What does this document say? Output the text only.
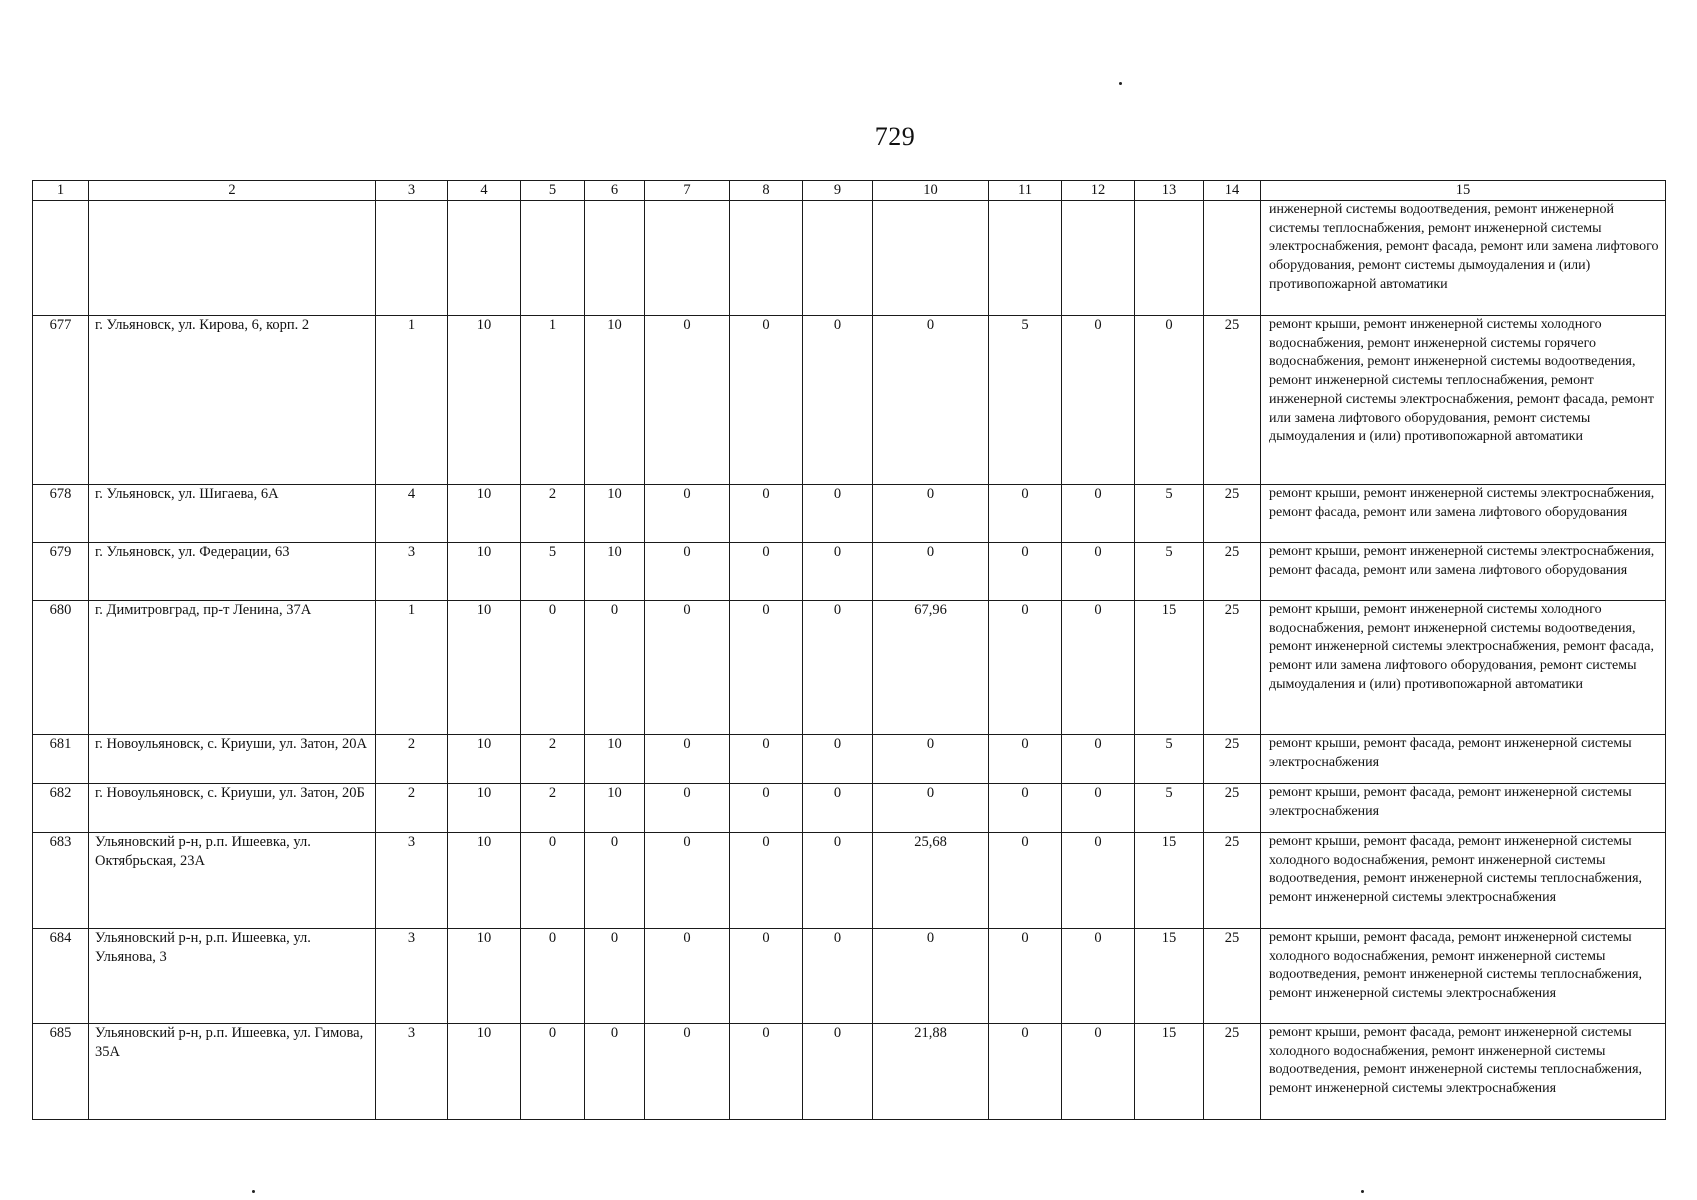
729
1	2	3	4	5	6	7	8	9	10	11	12	13	14	15
														инженерной системы водоотведения, ремонт инженерной системы теплоснабжения, ремонт инженерной системы электроснабжения, ремонт фасада, ремонт или замена лифтового оборудования, ремонт системы дымоудаления и (или) противопожарной автоматики
677	г. Ульяновск, ул. Кирова, 6, корп. 2	1	10	1	10	0	0	0	0	5	0	0	25	ремонт крыши, ремонт инженерной системы холодного водоснабжения, ремонт инженерной системы горячего водоснабжения, ремонт инженерной системы водоотведения, ремонт инженерной системы теплоснабжения, ремонт инженерной системы электроснабжения, ремонт фасада, ремонт или замена лифтового оборудования, ремонт системы дымоудаления и (или) противопожарной автоматики
678	г. Ульяновск, ул. Шигаева, 6А	4	10	2	10	0	0	0	0	0	0	5	25	ремонт крыши, ремонт инженерной системы электроснабжения, ремонт фасада, ремонт или замена лифтового оборудования
679	г. Ульяновск, ул. Федерации, 63	3	10	5	10	0	0	0	0	0	0	5	25	ремонт крыши, ремонт инженерной системы электроснабжения, ремонт фасада, ремонт или замена лифтового оборудования
680	г. Димитровград, пр-т Ленина, 37А	1	10	0	0	0	0	0	67,96	0	0	15	25	ремонт крыши, ремонт инженерной системы холодного водоснабжения, ремонт инженерной системы водоотведения, ремонт инженерной системы электроснабжения, ремонт фасада, ремонт или замена лифтового оборудования, ремонт системы дымоудаления и (или) противопожарной автоматики
681	г. Новоульяновск, с. Криуши, ул. Затон, 20А	2	10	2	10	0	0	0	0	0	0	5	25	ремонт крыши, ремонт фасада, ремонт инженерной системы электроснабжения
682	г. Новоульяновск, с. Криуши, ул. Затон, 20Б	2	10	2	10	0	0	0	0	0	0	5	25	ремонт крыши, ремонт фасада, ремонт инженерной системы электроснабжения
683	Ульяновский р-н, р.п. Ишеевка, ул. Октябрьская, 23А	3	10	0	0	0	0	0	25,68	0	0	15	25	ремонт крыши, ремонт фасада, ремонт инженерной системы холодного водоснабжения, ремонт инженерной системы водоотведения, ремонт инженерной системы теплоснабжения, ремонт инженерной системы электроснабжения
684	Ульяновский р-н, р.п. Ишеевка, ул. Ульянова, 3	3	10	0	0	0	0	0	0	0	0	15	25	ремонт крыши, ремонт фасада, ремонт инженерной системы холодного водоснабжения, ремонт инженерной системы водоотведения, ремонт инженерной системы теплоснабжения, ремонт инженерной системы электроснабжения
685	Ульяновский р-н, р.п. Ишеевка, ул. Гимова, 35А	3	10	0	0	0	0	0	21,88	0	0	15	25	ремонт крыши, ремонт фасада, ремонт инженерной системы холодного водоснабжения, ремонт инженерной системы водоотведения, ремонт инженерной системы теплоснабжения, ремонт инженерной системы электроснабжения
